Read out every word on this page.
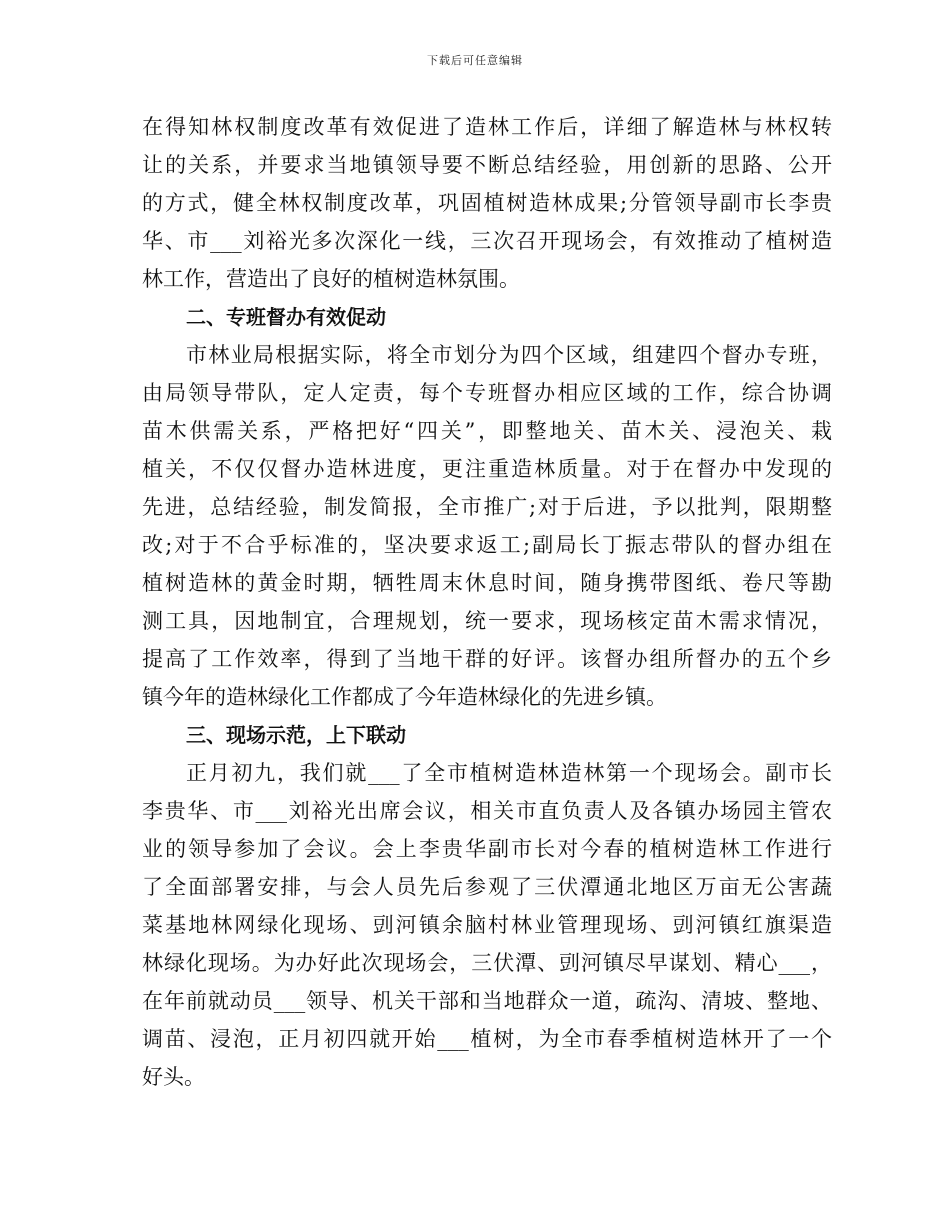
下载后可任意编辑
在得知林权制度改革有效促进了造林工作后，详细了解造林与林权转
让的关系，并要求当地镇领导要不断总结经验，用创新的思路、公开
的方式，健全林权制度改革，巩固植树造林成果;分管领导副市长李贵
华、市___刘裕光多次深化一线，三次召开现场会，有效推动了植树造
林工作，营造出了良好的植树造林氛围。
二、专班督办有效促动
市林业局根据实际，将全市划分为四个区域，组建四个督办专班，
由局领导带队，定人定责，每个专班督办相应区域的工作，综合协调
苗木供需关系，严格把好“四关”，即整地关、苗木关、浸泡关、栽
植关，不仅仅督办造林进度，更注重造林质量。对于在督办中发现的
先进，总结经验，制发简报，全市推广;对于后进，予以批判，限期整
改;对于不合乎标准的，坚决要求返工;副局长丁振志带队的督办组在
植树造林的黄金时期，牺牲周末休息时间，随身携带图纸、卷尺等勘
测工具，因地制宜，合理规划，统一要求，现场核定苗木需求情况，
提高了工作效率，得到了当地干群的好评。该督办组所督办的五个乡
镇今年的造林绿化工作都成了今年造林绿化的先进乡镇。
三、现场示范，上下联动
正月初九，我们就___了全市植树造林造林第一个现场会。副市长
李贵华、市___刘裕光出席会议，相关市直负责人及各镇办场园主管农
业的领导参加了会议。会上李贵华副市长对今春的植树造林工作进行
了全面部署安排，与会人员先后参观了三伏潭通北地区万亩无公害蔬
菜基地林网绿化现场、剅河镇余脑村林业管理现场、剅河镇红旗渠造
林绿化现场。为办好此次现场会，三伏潭、剅河镇尽早谋划、精心___，
在年前就动员___领导、机关干部和当地群众一道，疏沟、清坡、整地、
调苗、浸泡，正月初四就开始___植树，为全市春季植树造林开了一个
好头。
